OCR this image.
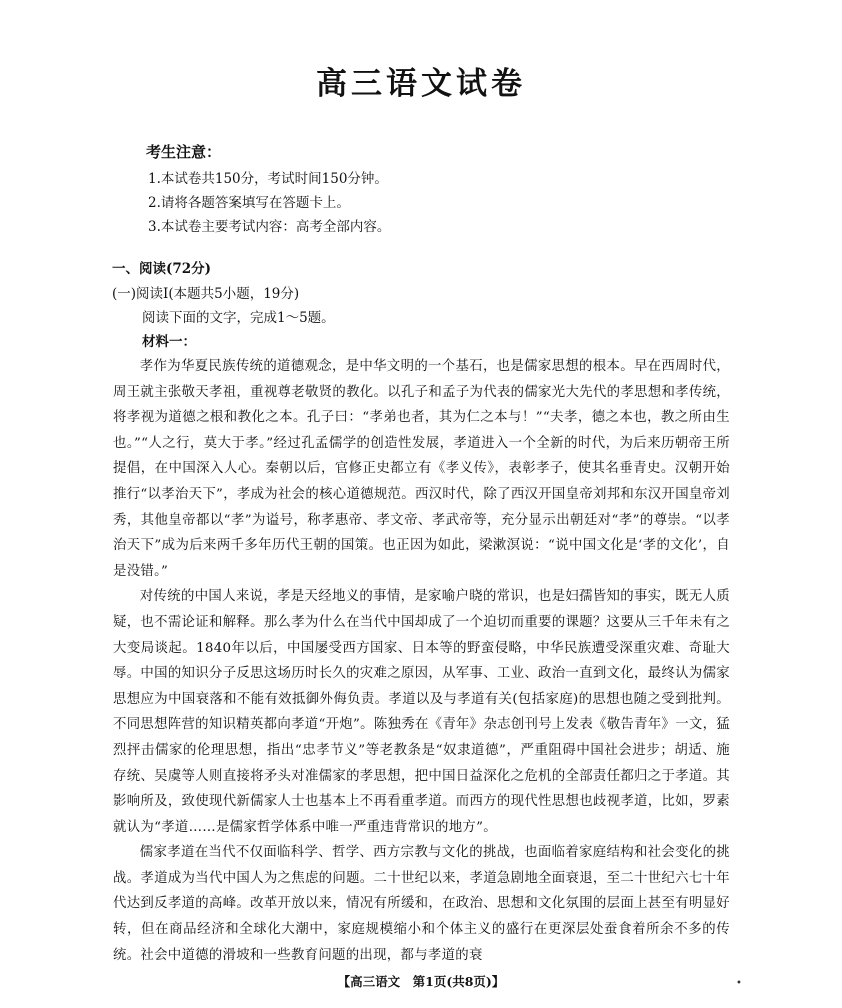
高三语文试卷
考生注意：
1.本试卷共150分，考试时间150分钟。
2.请将各题答案填写在答题卡上。
3.本试卷主要考试内容：高考全部内容。
一、阅读(72分)
(一)阅读Ⅰ(本题共5小题，19分)
阅读下面的文字，完成1～5题。
材料一：

孝作为华夏民族传统的道德观念，是中华文明的一个基石，也是儒家思想的根本。早在西周时代，周王就主张敬天孝祖，重视尊老敬贤的教化。以孔子和孟子为代表的儒家光大先代的孝思想和孝传统，将孝视为道德之根和教化之本。孔子曰：“孝弟也者，其为仁之本与！”“夫孝，德之本也，教之所由生也。”“人之行，莫大于孝。”经过孔孟儒学的创造性发展，孝道进入一个全新的时代，为后来历朝帝王所提倡，在中国深入人心。秦朝以后，官修正史都立有《孝义传》，表彰孝子，使其名垂青史。汉朝开始推行“以孝治天下”，孝成为社会的核心道德规范。西汉时代，除了西汉开国皇帝刘邦和东汉开国皇帝刘秀，其他皇帝都以“孝”为谥号，称孝惠帝、孝文帝、孝武帝等，充分显示出朝廷对“孝”的尊崇。“以孝治天下”成为后来两千多年历代王朝的国策。也正因为如此，梁漱溟说：“说中国文化是‘孝的文化’，自是没错。”

对传统的中国人来说，孝是天经地义的事情，是家喻户晓的常识，也是妇孺皆知的事实，既无人质疑，也不需论证和解释。那么孝为什么在当代中国却成了一个迫切而重要的课题？这要从三千年未有之大变局谈起。1840年以后，中国屡受西方国家、日本等的野蛮侵略，中华民族遭受深重灾难、奇耻大辱。中国的知识分子反思这场历时长久的灾难之原因，从军事、工业、政治一直到文化，最终认为儒家思想应为中国衰落和不能有效抵御外侮负责。孝道以及与孝道有关(包括家庭)的思想也随之受到批判。不同思想阵营的知识精英都向孝道“开炮”。陈独秀在《青年》杂志创刊号上发表《敬告青年》一文，猛烈抨击儒家的伦理思想，指出“忠孝节义”等老教条是“奴隶道德”，严重阻碍中国社会进步；胡适、施存统、吴虞等人则直接将矛头对准儒家的孝思想，把中国日益深化之危机的全部责任都归之于孝道。其影响所及，致使现代新儒家人士也基本上不再看重孝道。而西方的现代性思想也歧视孝道，比如，罗素就认为“孝道……是儒家哲学体系中唯一严重违背常识的地方”。

儒家孝道在当代不仅面临科学、哲学、西方宗教与文化的挑战，也面临着家庭结构和社会变化的挑战。孝道成为当代中国人为之焦虑的问题。二十世纪以来，孝道急剧地全面衰退，至二十世纪六七十年代达到反孝道的高峰。改革开放以来，情况有所缓和，在政治、思想和文化氛围的层面上甚至有明显好转，但在商品经济和全球化大潮中，家庭规模缩小和个体主义的盛行在更深层处蚕食着所余不多的传统。社会中道德的滑坡和一些教育问题的出现，都与孝道的衰

【高三语文　第1页(共8页)】	•
